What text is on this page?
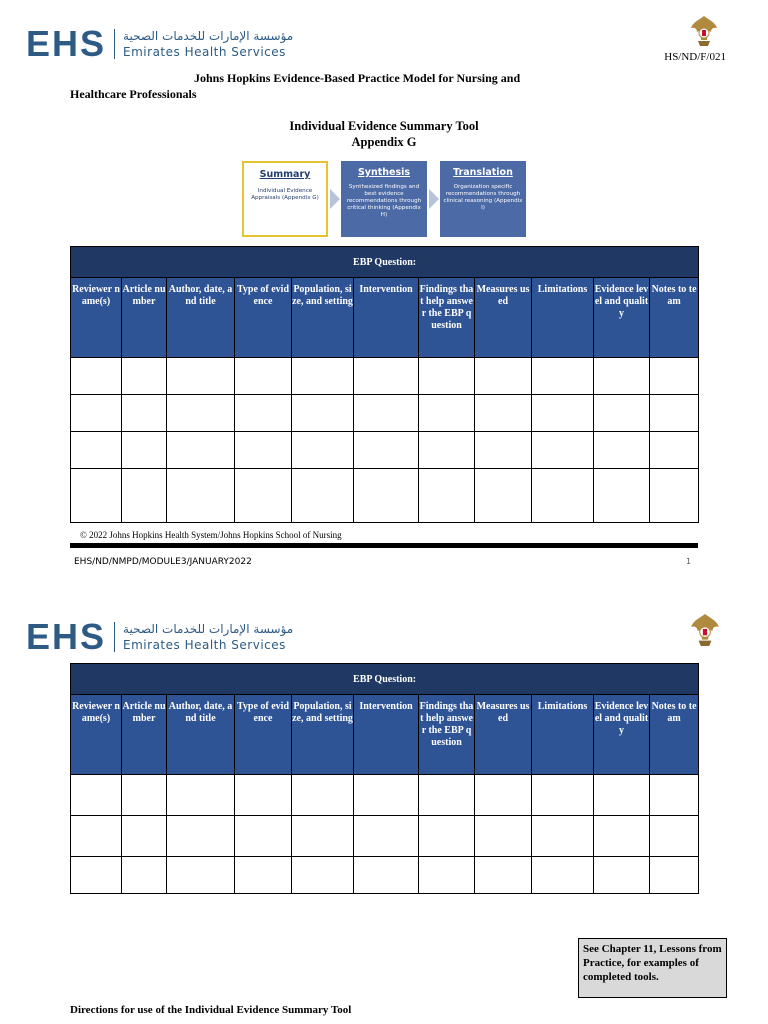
EHS مؤسسة الإمارات للخدمات الصحية
Emirates Health Services	HS/ND/F/021
Johns Hopkins Evidence-Based Practice Model for Nursing and
Healthcare Professionals
Individual Evidence Summary Tool
Appendix G
Summary
Individual Evidence Appraisals (Appendix G)
Synthesis
Synthesized findings and best evidence recommendations through critical thinking (Appendix H)
Translation
Organization specific recommendations through clinical reasoning (Appendix I)
EBP Question:										
Reviewer name(s)	Article number	Author, date, and title	Type of evidence	Population, size, and setting	Intervention	Findings that help answer the EBP question	Measures used	Limitations	Evidence level and quality	Notes to team

© 2022 Johns Hopkins Health System/Johns Hopkins School of Nursing
EHS/ND/NMPD/MODULE3/JANUARY2022	1
EHS مؤسسة الإمارات للخدمات الصحية
Emirates Health Services
EBP Question:										
Reviewer name(s)	Article number	Author, date, and title	Type of evidence	Population, size, and setting	Intervention	Findings that help answer the EBP question	Measures used	Limitations	Evidence level and quality	Notes to team

See Chapter 11, Lessons from Practice, for examples of completed tools.
Directions for use of the Individual Evidence Summary Tool
